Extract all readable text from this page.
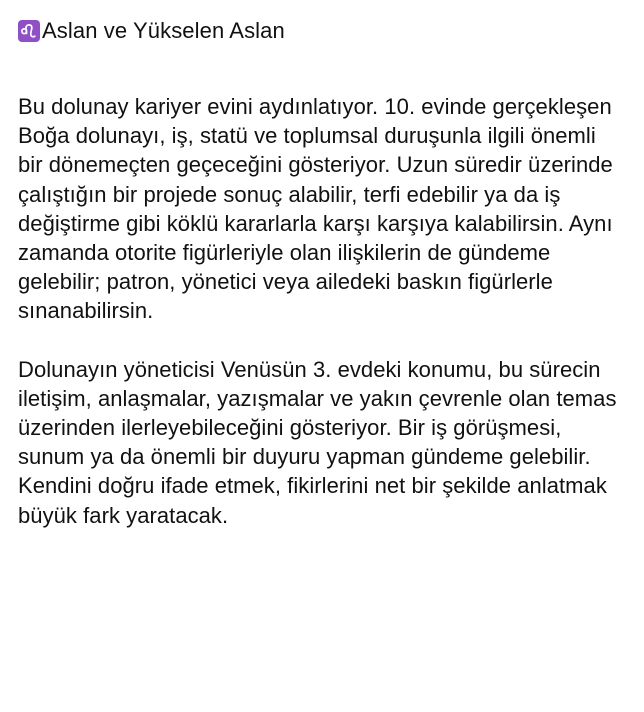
Aslan ve Yükselen Aslan

Bu dolunay kariyer evini aydınlatıyor. 10. evinde gerçekleşen Boğa dolunayı, iş, statü ve toplumsal duruşunla ilgili önemli bir dönemeçten geçeceğini gösteriyor. Uzun süredir üzerinde çalıştığın bir projede sonuç alabilir, terfi edebilir ya da iş değiştirme gibi köklü kararlarla karşı karşıya kalabilirsin. Aynı zamanda otorite figürleriyle olan ilişkilerin de gündeme gelebilir; patron, yönetici veya ailedeki baskın figürlerle sınanabilirsin.

Dolunayın yöneticisi Venüsün 3. evdeki konumu, bu sürecin iletişim, anlaşmalar, yazışmalar ve yakın çevrenle olan temas üzerinden ilerleyebileceğini gösteriyor. Bir iş görüşmesi, sunum ya da önemli bir duyuru yapman gündeme gelebilir. Kendini doğru ifade etmek, fikirlerini net bir şekilde anlatmak büyük fark yaratacak.
